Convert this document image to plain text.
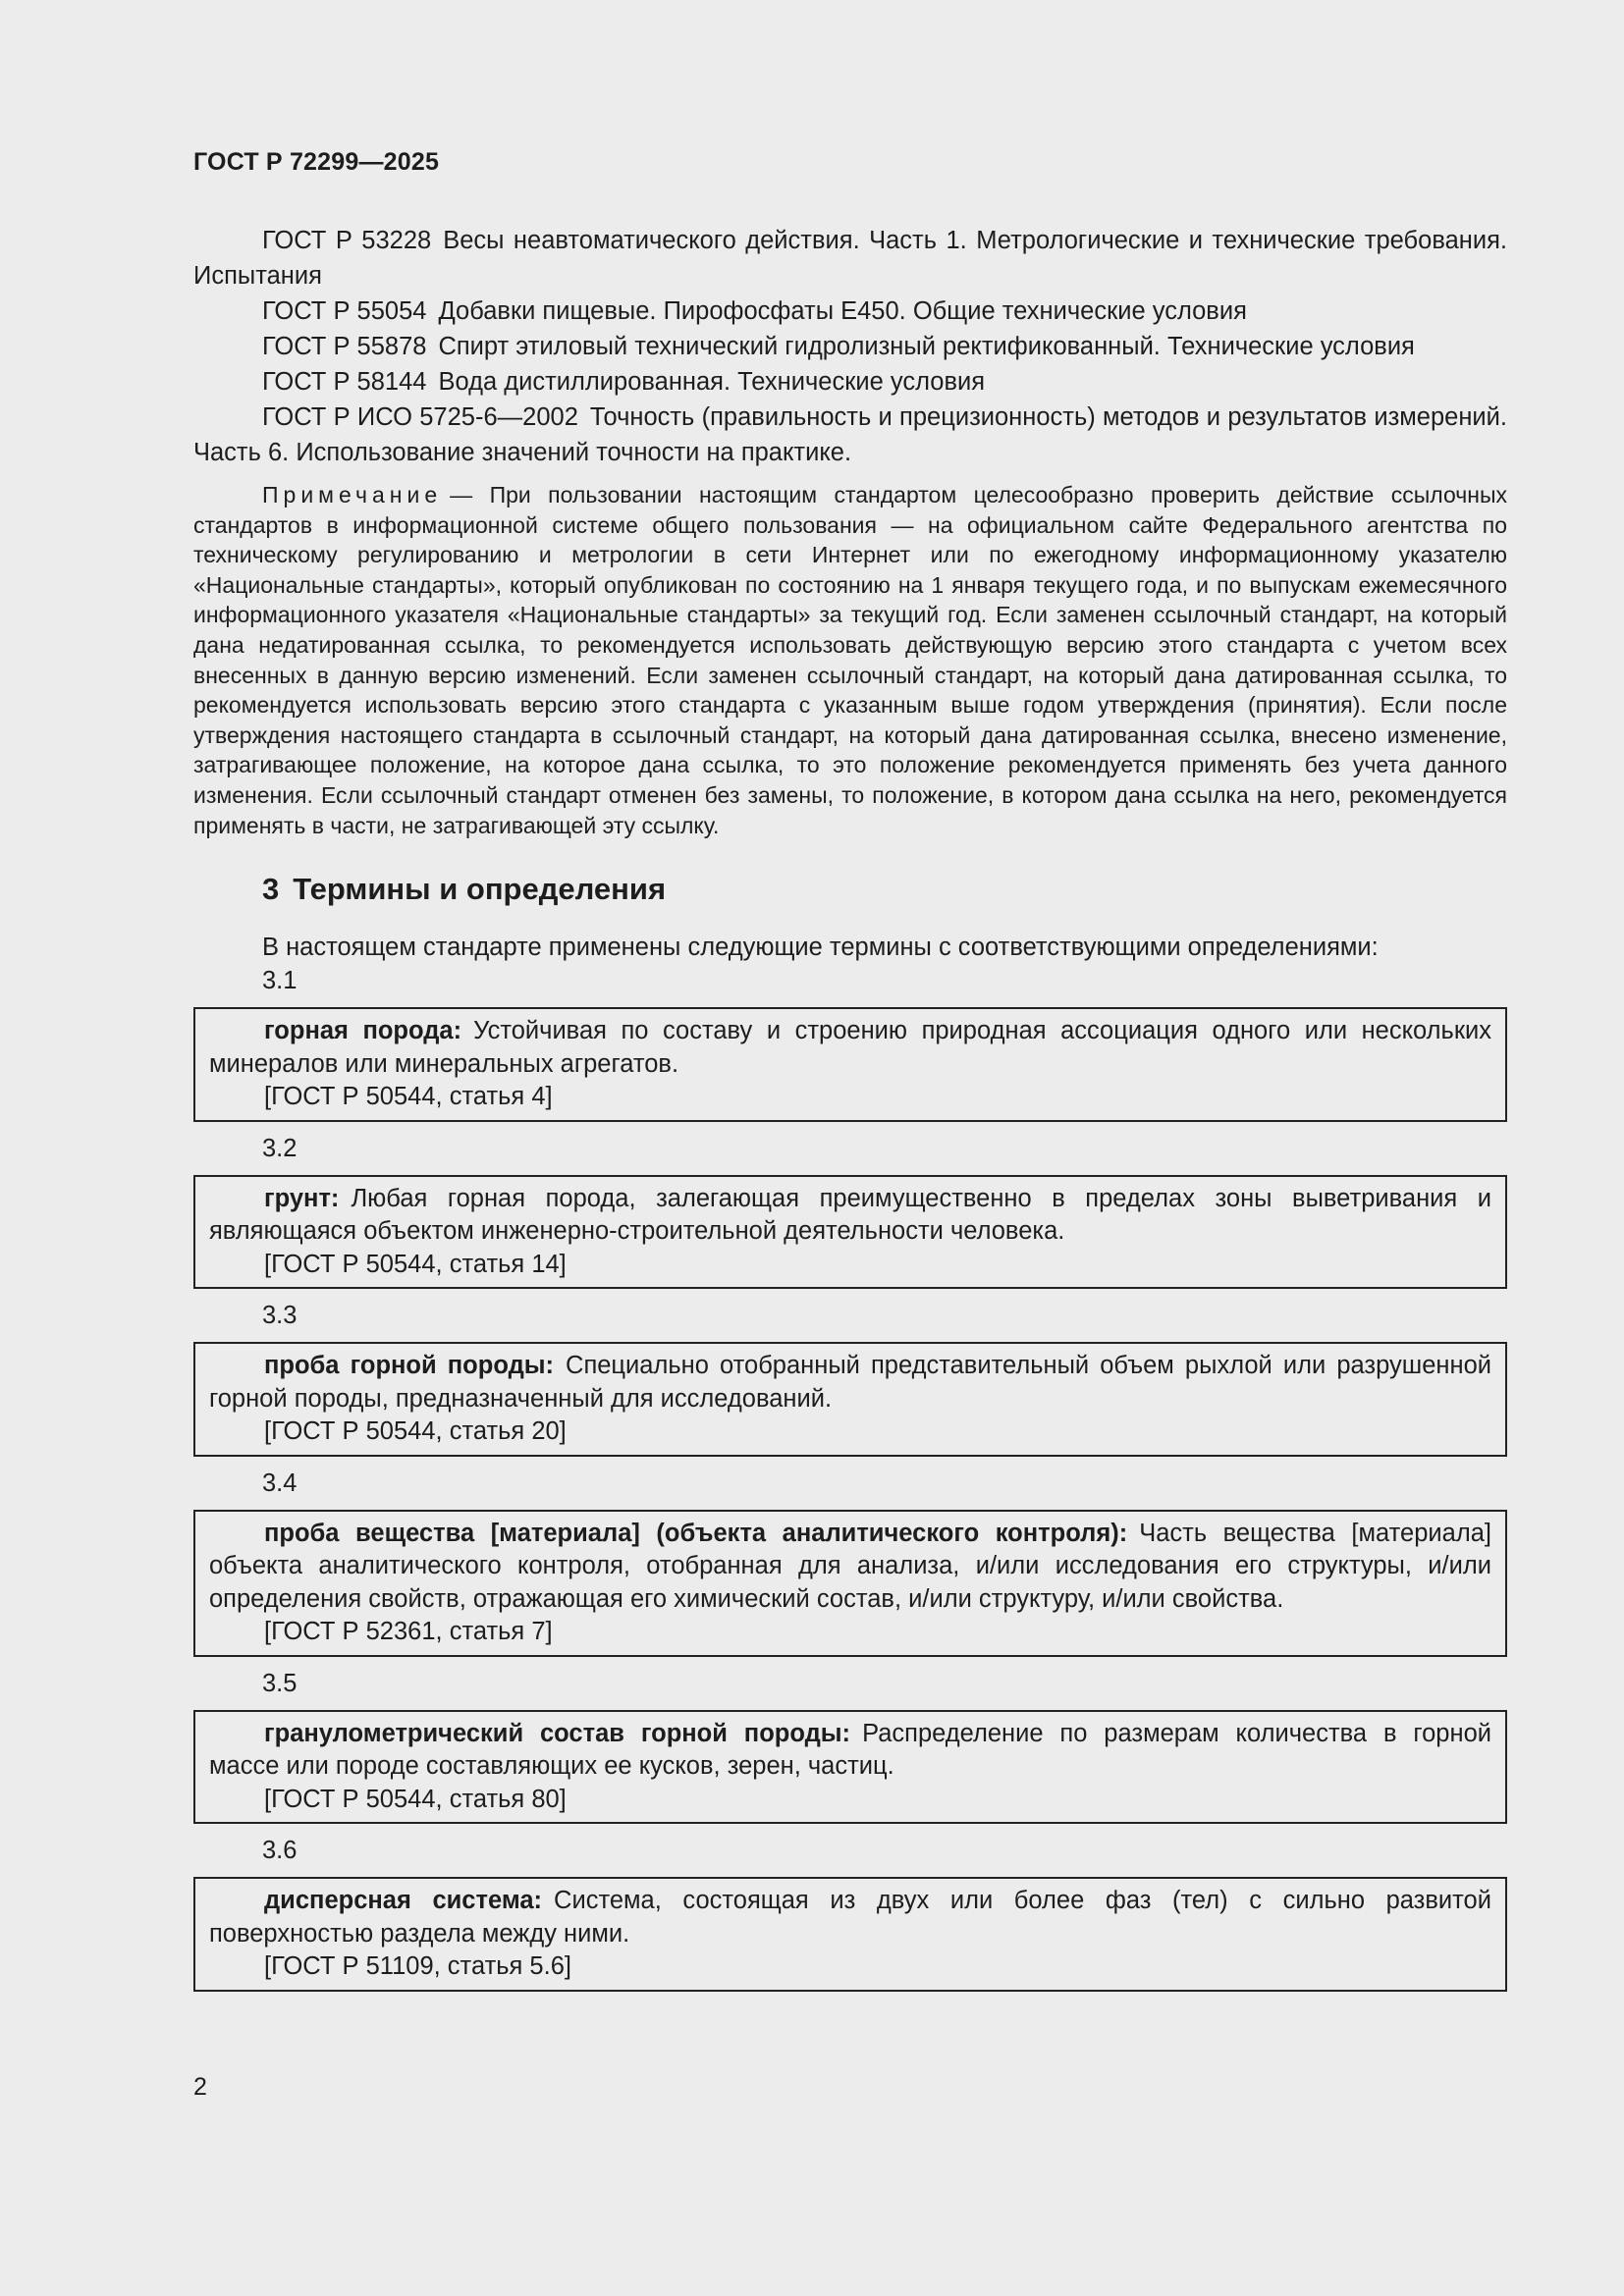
ГОСТ Р 72299—2025

ГОСТ Р 53228 Весы неавтоматического действия. Часть 1. Метрологические и технические требования. Испытания

ГОСТ Р 55054 Добавки пищевые. Пирофосфаты Е450. Общие технические условия

ГОСТ Р 55878 Спирт этиловый технический гидролизный ректификованный. Технические условия

ГОСТ Р 58144 Вода дистиллированная. Технические условия

ГОСТ Р ИСО 5725-6—2002 Точность (правильность и прецизионность) методов и результатов измерений. Часть 6. Использование значений точности на практике.

Примечание — При пользовании настоящим стандартом целесообразно проверить действие ссылочных стандартов в информационной системе общего пользования — на официальном сайте Федерального агентства по техническому регулированию и метрологии в сети Интернет или по ежегодному информационному указателю «Национальные стандарты», который опубликован по состоянию на 1 января текущего года, и по выпускам ежемесячного информационного указателя «Национальные стандарты» за текущий год. Если заменен ссылочный стандарт, на который дана недатированная ссылка, то рекомендуется использовать действующую версию этого стандарта с учетом всех внесенных в данную версию изменений. Если заменен ссылочный стандарт, на который дана датированная ссылка, то рекомендуется использовать версию этого стандарта с указанным выше годом утверждения (принятия). Если после утверждения настоящего стандарта в ссылочный стандарт, на который дана датированная ссылка, внесено изменение, затрагивающее положение, на которое дана ссылка, то это положение рекомендуется применять без учета данного изменения. Если ссылочный стандарт отменен без замены, то положение, в котором дана ссылка на него, рекомендуется применять в части, не затрагивающей эту ссылку.
3 Термины и определения
В настоящем стандарте применены следующие термины с соответствующими определениями:
3.1

горная порода: Устойчивая по составу и строению природная ассоциация одного или нескольких минералов или минеральных агрегатов.

[ГОСТ Р 50544, статья 4]

3.2

грунт: Любая горная порода, залегающая преимущественно в пределах зоны выветривания и являющаяся объектом инженерно-строительной деятельности человека.

[ГОСТ Р 50544, статья 14]

3.3

проба горной породы: Специально отобранный представительный объем рыхлой или разрушенной горной породы, предназначенный для исследований.

[ГОСТ Р 50544, статья 20]

3.4

проба вещества [материала] (объекта аналитического контроля): Часть вещества [материала] объекта аналитического контроля, отобранная для анализа, и/или исследования его структуры, и/или определения свойств, отражающая его химический состав, и/или структуру, и/или свойства.

[ГОСТ Р 52361, статья 7]

3.5

гранулометрический состав горной породы: Распределение по размерам количества в горной массе или породе составляющих ее кусков, зерен, частиц.

[ГОСТ Р 50544, статья 80]

3.6

дисперсная система: Система, состоящая из двух или более фаз (тел) с сильно развитой поверхностью раздела между ними.

[ГОСТ Р 51109, статья 5.6]

2
